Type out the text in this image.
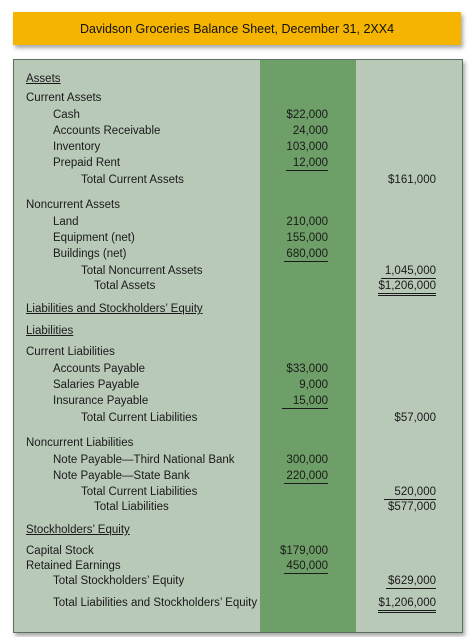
Davidson Groceries Balance Sheet, December 31, 2XX4
Assets
Current Assets
Cash	$22,000
Accounts Receivable	24,000
Inventory	103,000
Prepaid Rent	12,000
Total Current Assets	$161,000
Noncurrent Assets
Land	210,000
Equipment (net)	155,000
Buildings (net)	680,000
Total Noncurrent Assets	1,045,000
Total Assets	$1,206,000
Liabilities and Stockholders’ Equity
Liabilities
Current Liabilities
Accounts Payable	$33,000
Salaries Payable	9,000
Insurance Payable	15,000
Total Current Liabilities	$57,000
Noncurrent Liabilities
Note Payable—Third National Bank	300,000
Note Payable—State Bank	220,000
Total Current Liabilities	520,000
Total Liabilities	$577,000
Stockholders’ Equity
Capital Stock	$179,000
Retained Earnings	450,000
Total Stockholders’ Equity	$629,000
Total Liabilities and Stockholders’ Equity	$1,206,000
